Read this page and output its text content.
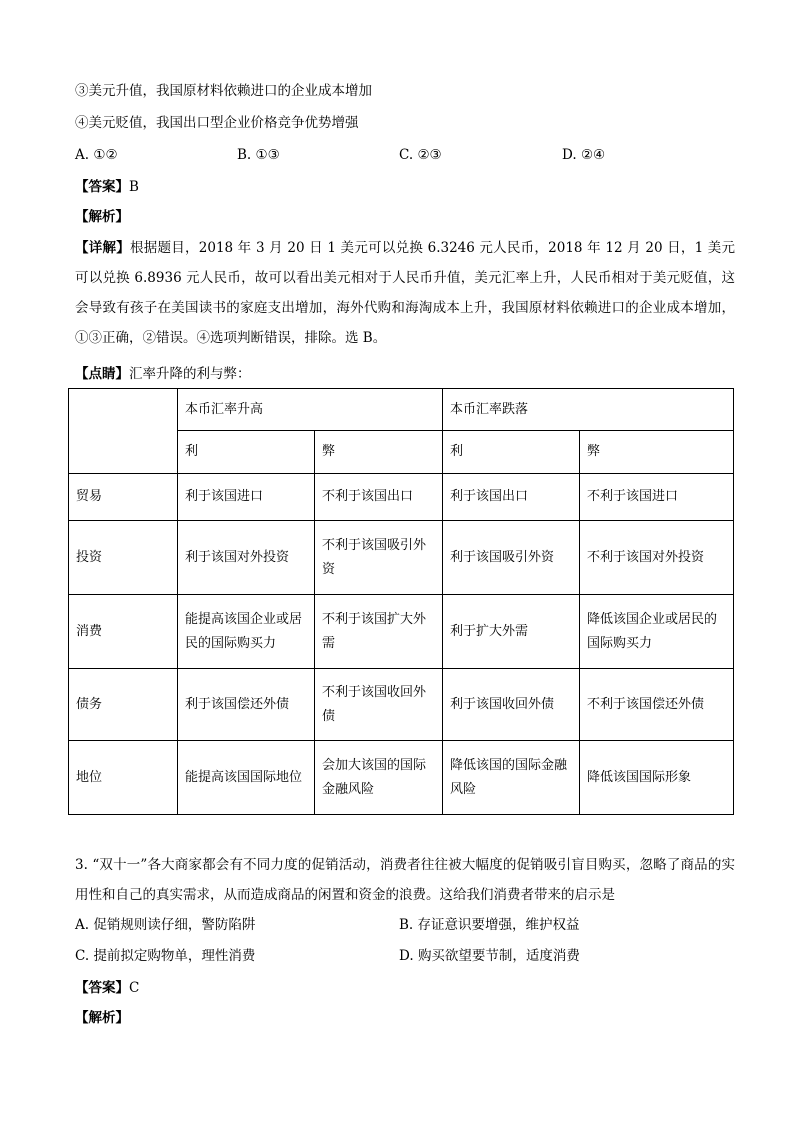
③美元升值，我国原材料依赖进口的企业成本增加
④美元贬值，我国出口型企业价格竞争优势增强
A. ①②	B. ①③	C. ②③	D. ②④
【答案】B
【解析】
【详解】根据题目，2018 年 3 月 20 日 1 美元可以兑换 6.3246 元人民币，2018 年 12 月 20 日，1 美元可以兑换 6.8936 元人民币，故可以看出美元相对于人民币升值，美元汇率上升，人民币相对于美元贬值，这会导致有孩子在美国读书的家庭支出增加，海外代购和海淘成本上升，我国原材料依赖进口的企业成本增加，①③正确，②错误。④选项判断错误，排除。选 B。
【点睛】汇率升降的利与弊：
	本币汇率升高		本币汇率跌落	
	利	弊	利	弊
贸易	利于该国进口	不利于该国出口	利于该国出口	不利于该国进口
投资	利于该国对外投资	不利于该国吸引外资	利于该国吸引外资	不利于该国对外投资
消费	能提高该国企业或居民的国际购买力	不利于该国扩大外需	利于扩大外需	降低该国企业或居民的国际购买力
债务	利于该国偿还外债	不利于该国收回外债	利于该国收回外债	不利于该国偿还外债
地位	能提高该国国际地位	会加大该国的国际金融风险	降低该国的国际金融风险	降低该国国际形象
3. “双十一”各大商家都会有不同力度的促销活动，消费者往往被大幅度的促销吸引盲目购买，忽略了商品的实用性和自己的真实需求，从而造成商品的闲置和资金的浪费。这给我们消费者带来的启示是
A. 促销规则读仔细，警防陷阱	B. 存证意识要增强，维护权益
C. 提前拟定购物单，理性消费	D. 购买欲望要节制，适度消费
【答案】C
【解析】
